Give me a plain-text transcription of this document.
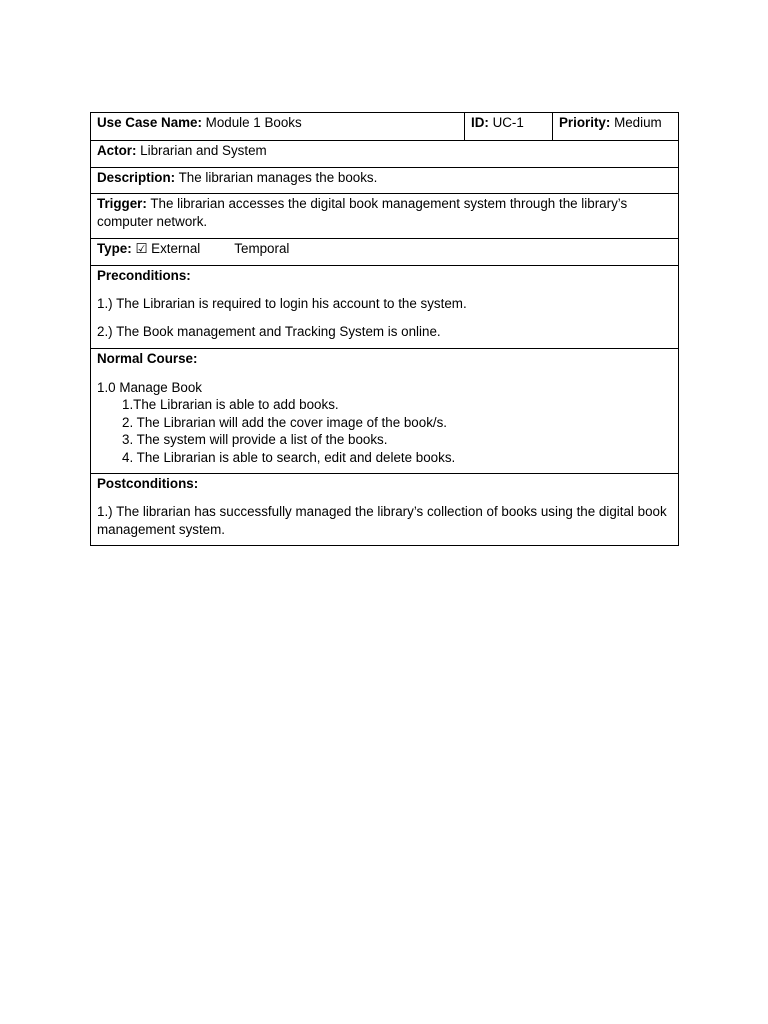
Use Case Name: Module 1 Books	ID: UC-1	Priority: Medium
Actor: Librarian and System
Description: The librarian manages the books.
Trigger: The librarian accesses the digital book management system through the library’s computer network.
Type: ☑ External	Temporal

Preconditions:

1.) The Librarian is required to login his account to the system.

2.) The Book management and Tracking System is online.

Normal Course:

1.0 Manage Book

1.The Librarian is able to add books.
2. The Librarian will add the cover image of the book/s.
3. The system will provide a list of the books.
4. The Librarian is able to search, edit and delete books.

Postconditions:

1.) The librarian has successfully managed the library’s collection of books using the digital book management system.
